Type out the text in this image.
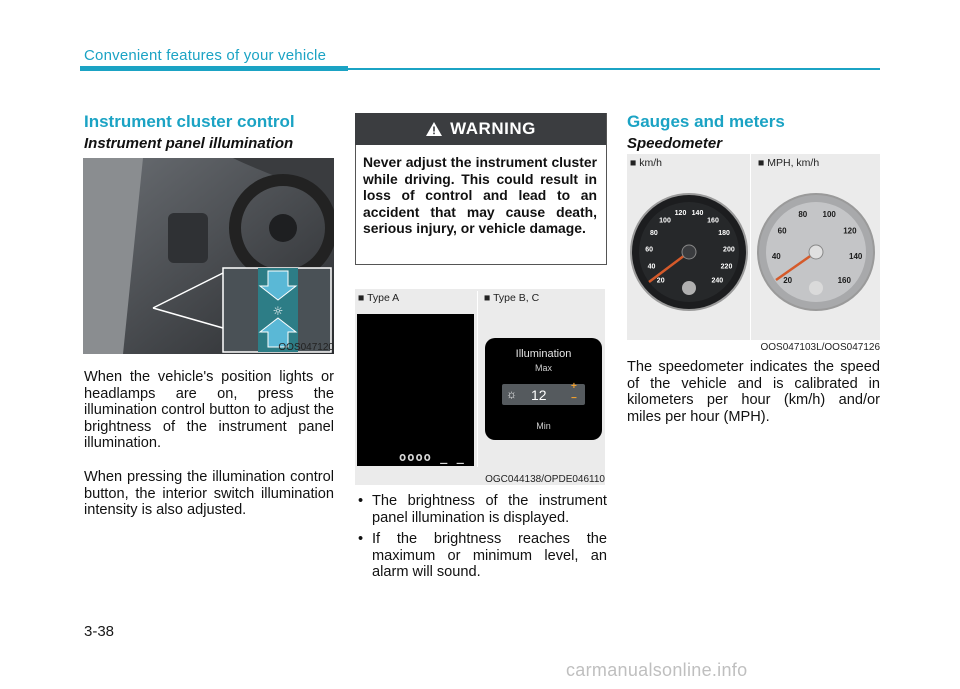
Convenient features of your vehicle
Instrument cluster control
Instrument panel illumination
☼
OOS047120
When the vehicle's position lights or headlamps are on, press the illumination control button to adjust the brightness of the instrument panel illumination.
When pressing the illumination control button, the interior switch illumination intensity is also adjusted.
WARNING
Never adjust the instrument cluster while driving. This could result in loss of control and lead to an accident that may cause death, serious injury, or vehicle damage.
■ Type A	■ Type B, C
oooo _ _
Illumination
Max
☼ 12
+
−
Min
OGC044138/OPDE046110
• The brightness of the instrument panel illumination is displayed.
• If the brightness reaches the maximum or minimum level, an alarm will sound.
Gauges and meters
Speedometer
■ km/h	■ MPH, km/h
20
40
60
80
100
120 140
160
180
200
220
240	20
40
60
80 100
120
140
160
OOS047103L/OOS047126
The speedometer indicates the speed of the vehicle and is calibrated in kilometers per hour (km/h) and/or miles per hour (MPH).
3-38
carmanualsonline.info
